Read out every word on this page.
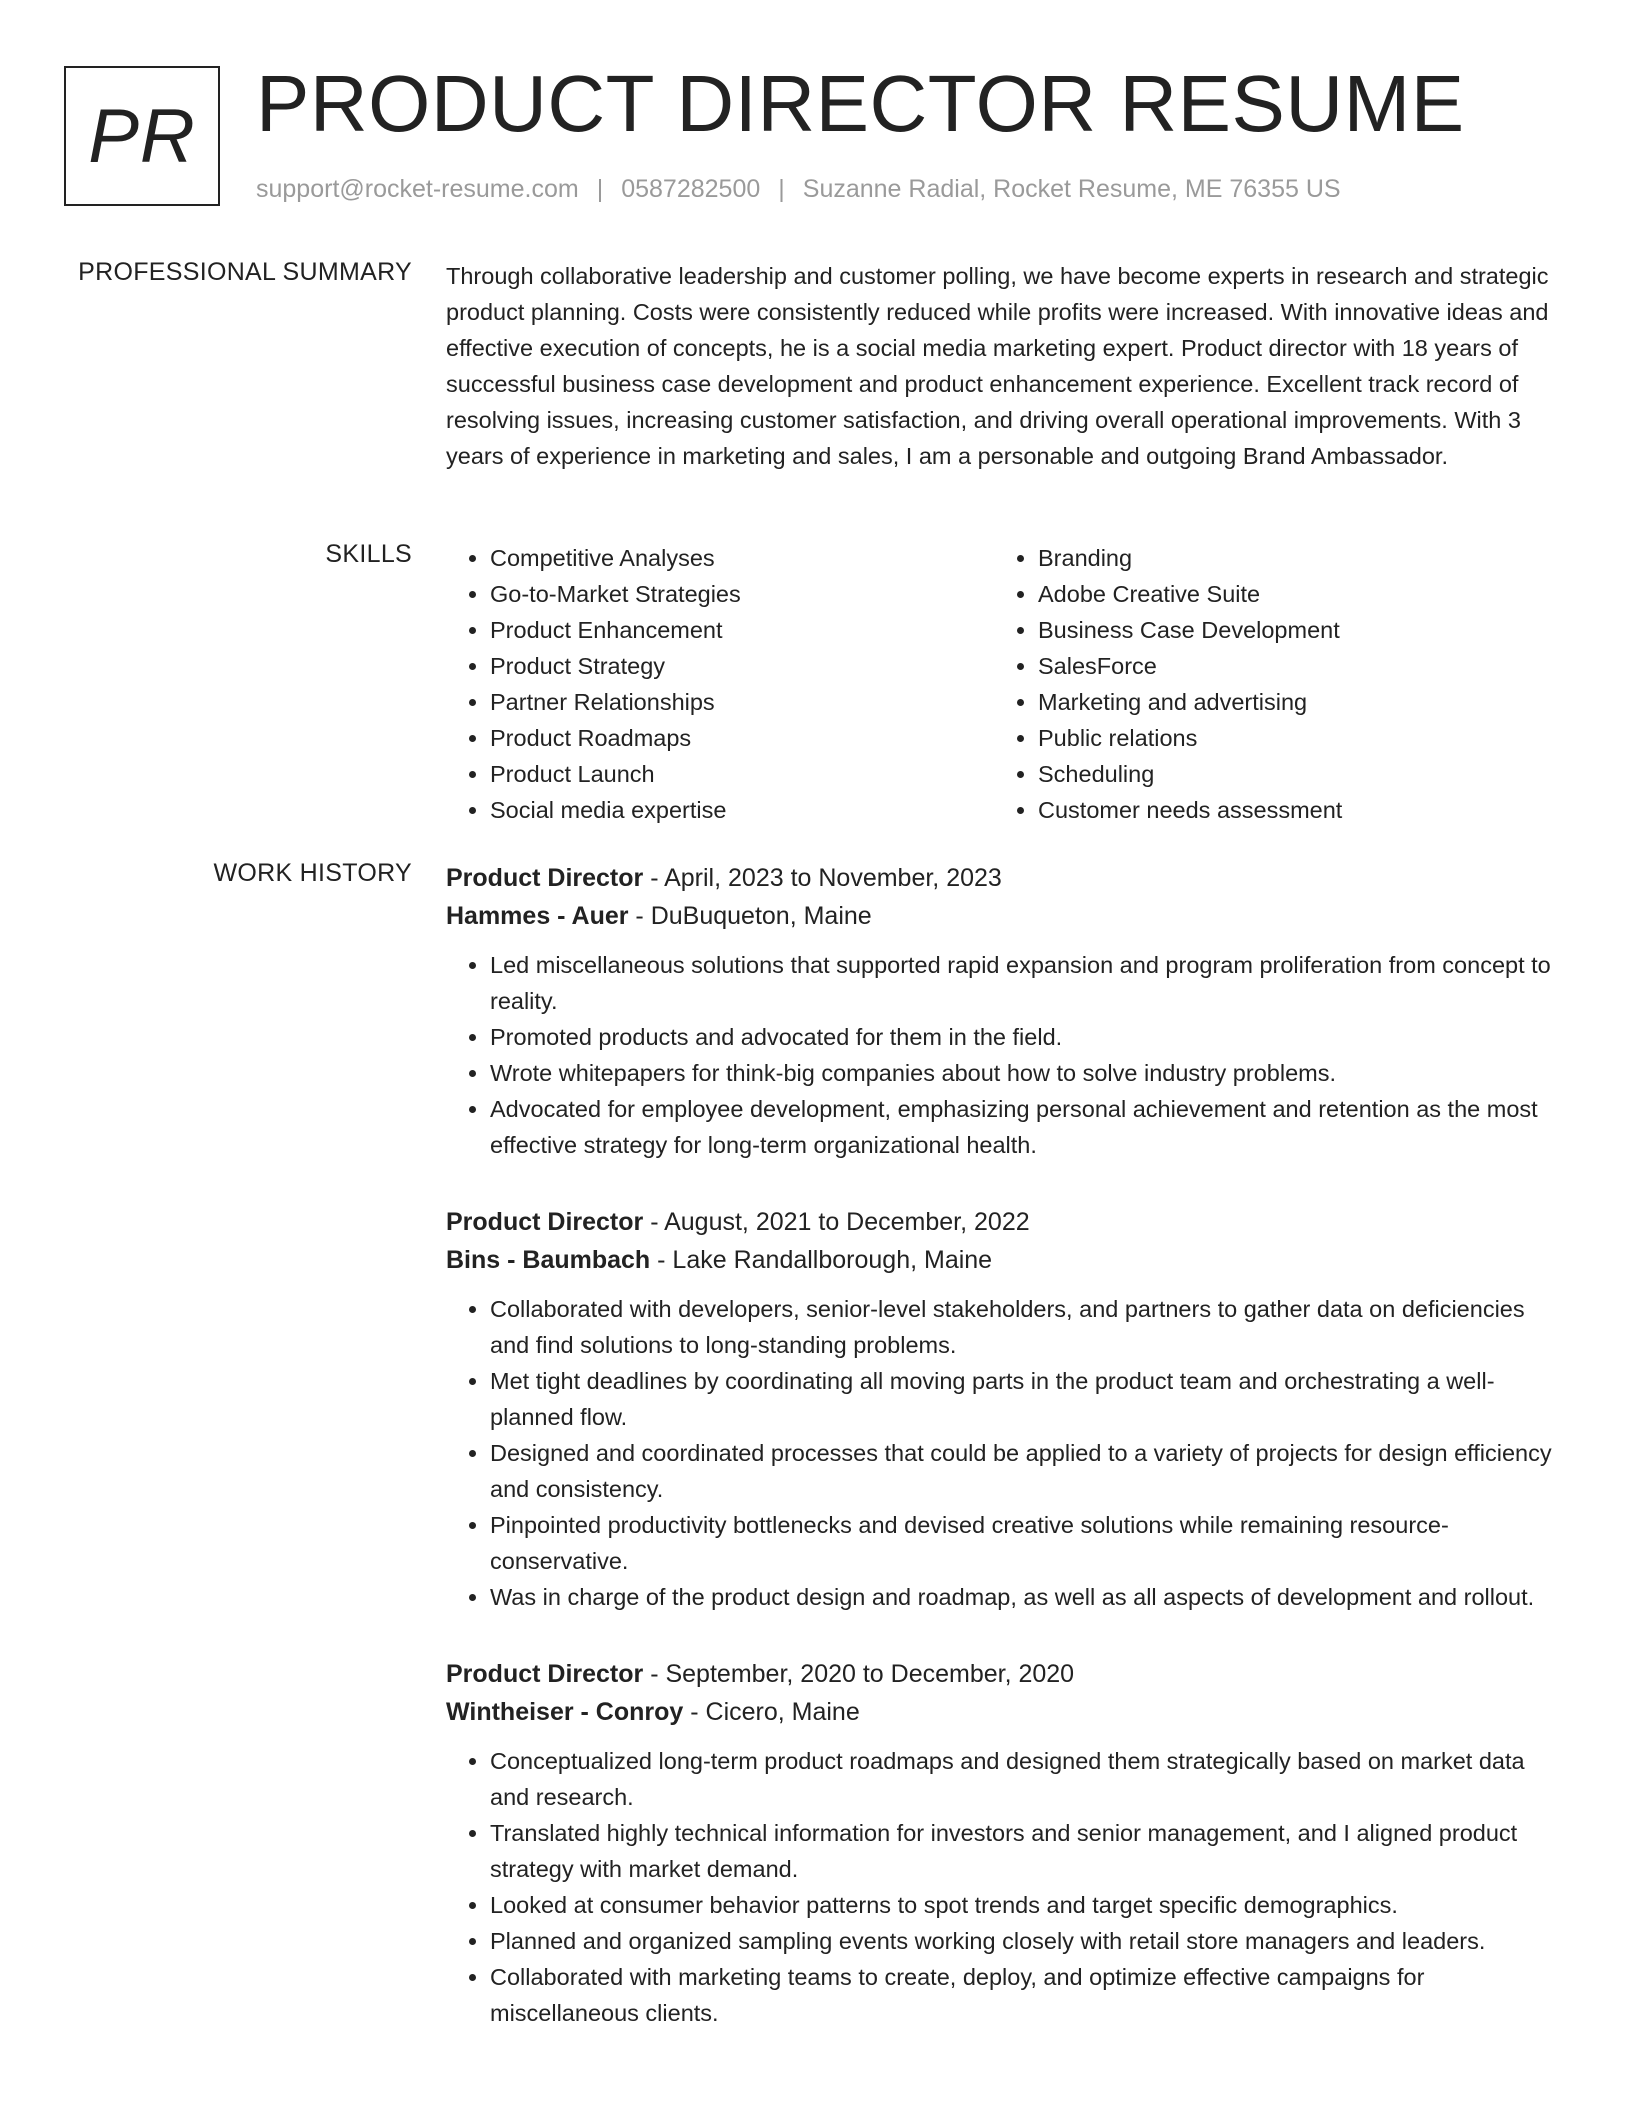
PR PRODUCT DIRECTOR RESUME
support@rocket-resume.com | 0587282500 | Suzanne Radial, Rocket Resume, ME 76355 US
PROFESSIONAL SUMMARY Through collaborative leadership and customer polling, we have become experts in research and strategic product planning. Costs were consistently reduced while profits were increased. With innovative ideas and effective execution of concepts, he is a social media marketing expert. Product director with 18 years of successful business case development and product enhancement experience. Excellent track record of resolving issues, increasing customer satisfaction, and driving overall operational improvements. With 3 years of experience in marketing and sales, I am a personable and outgoing Brand Ambassador.

SKILLS
•	Competitive Analyses
• Go-to-Market Strategies
• Product Enhancement
• Product Strategy
• Partner Relationships
• Product Roadmaps
• Product Launch
• Social media expertise
• Branding
• Adobe Creative Suite
• Business Case Development
• SalesForce
• Marketing and advertising
• Public relations
• Scheduling
• Customer needs assessment
WORK HISTORY Product Director - April, 2023 to November, 2023
Hammes - Auer - DuBuqueton, Maine
• Led miscellaneous solutions that supported rapid expansion and program proliferation from concept to reality.
• Promoted products and advocated for them in the field.
• Wrote whitepapers for think-big companies about how to solve industry problems.
• Advocated for employee development, emphasizing personal achievement and retention as the most effective strategy for long-term organizational health.
Product Director - August, 2021 to December, 2022
Bins - Baumbach - Lake Randallborough, Maine
• Collaborated with developers, senior-level stakeholders, and partners to gather data on deficiencies and find solutions to long-standing problems.
• Met tight deadlines by coordinating all moving parts in the product team and orchestrating a well-planned flow.
• Designed and coordinated processes that could be applied to a variety of projects for design efficiency and consistency.
• Pinpointed productivity bottlenecks and devised creative solutions while remaining resource-conservative.
• Was in charge of the product design and roadmap, as well as all aspects of development and rollout.
Product Director - September, 2020 to December, 2020
Wintheiser - Conroy - Cicero, Maine
• Conceptualized long-term product roadmaps and designed them strategically based on market data and research.
• Translated highly technical information for investors and senior management, and I aligned product strategy with market demand.
• Looked at consumer behavior patterns to spot trends and target specific demographics.
• Planned and organized sampling events working closely with retail store managers and leaders.
• Collaborated with marketing teams to create, deploy, and optimize effective campaigns for miscellaneous clients.
